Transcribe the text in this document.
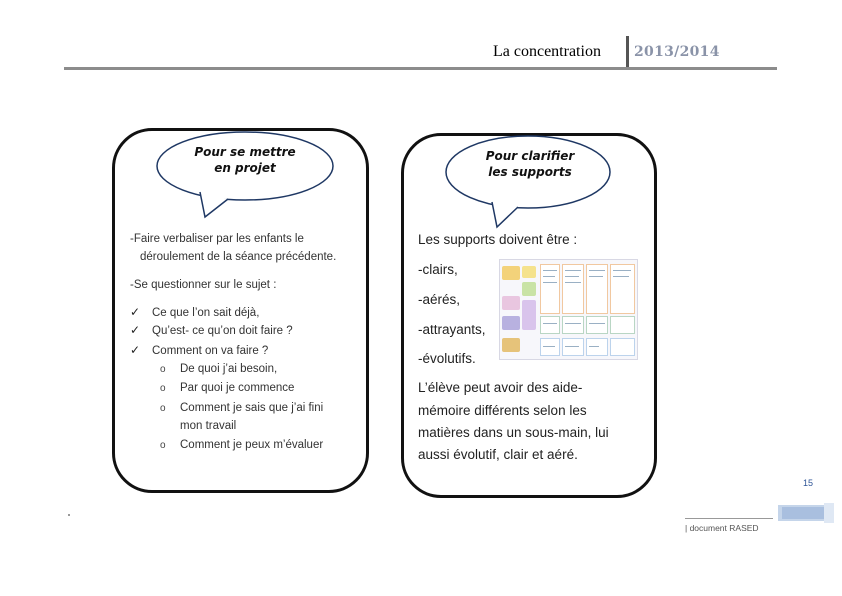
La concentration 2013/2014
Pour se mettre
en projet
-Faire verbaliser par les enfants le
déroulement de la séance précédente.
-Se questionner sur le sujet :
✓ Ce que l’on sait déjà,
✓ Qu’est- ce qu’on doit faire ?
✓ Comment on va faire ?
o De quoi j’ai besoin,
o Par quoi je commence
o Comment je sais que j’ai fini
mon travail
o Comment je peux m’évaluer
Pour clarifier
les supports
Les supports doivent être :
-clairs,
-aérés,
-attrayants,
-évolutifs.
L’élève peut avoir des aide-
mémoire différents selon les
matières dans un sous-main, lui
aussi évolutif, clair et aéré.
15
| document RASED
